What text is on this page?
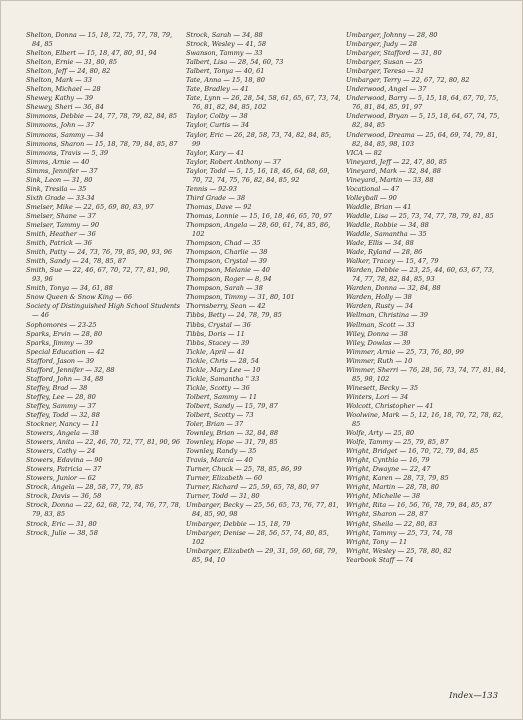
Shelton, Donna — 15, 18, 72, 75, 77, 78, 79, 84, 85
Shelton, Elbert — 15, 18, 47, 80, 91, 94
Shelton, Ernie — 31, 80, 85
Shelton, Jeff — 24, 80, 82
Shelton, Mark — 33
Shelton, Michael — 28
Shewey, Kathy — 39
Shewey, Sheri — 36, 84
Simmons, Debbie — 24, 77, 78, 79, 82, 84, 85
Simmons, John — 37
Simmons, Sammy — 34
Simmons, Sharon — 15, 18, 78, 79, 84, 85, 87
Simmons, Travis — 5, 39
Simms, Arnie — 40
Simms, Jennifer — 37
Sink, Leon — 31, 80
Sink, Tresila — 35
Sixth Grade — 33-34
Smelser, Mike — 22, 65, 69, 80, 83, 97
Smelser, Shane — 37
Smelser, Tammy — 90
Smith, Heather — 36
Smith, Patrick — 36
Smith, Patty — 24, 73, 76, 79, 85, 90, 93, 96
Smith, Sandy — 24, 78, 85, 87
Smith, Sue — 22, 46, 67, 70, 72, 77, 81, 90, 93, 96
Smith, Tonya — 34, 61, 88
Snow Queen & Snow King — 66
Society of Distinguished High School Students — 46
Sophomores — 23-25
Sparks, Ervin — 28, 80
Sparks, Jimmy — 39
Special Education — 42
Stafford, Jason — 39
Stafford, Jennifer — 32, 88
Stafford, John — 34, 88
Steffey, Brad — 38
Steffey, Lee — 28, 80
Steffey, Sammy — 37
Steffey, Todd — 32, 88
Stockner, Nancy — 11
Stowers, Angela — 38
Stowers, Anita — 22, 46, 70, 72, 77, 81, 90, 96
Stowers, Cathy — 24
Stowers, Edavina — 90
Stowers, Patricia — 37
Stowers, Junior — 62
Strock, Angela — 28, 58, 77, 79, 85
Strock, Davis — 36, 58
Strock, Donna — 22, 62, 68, 72, 74, 76, 77, 78, 79, 83, 85
Strock, Eric — 31, 80
Strock, Julie — 38, 58
Strock, Sarah — 34, 88
Strock, Wesley — 41, 58
Swanson, Tammy — 33
Talbert, Lisa — 28, 54, 60, 73
Talbert, Tonya — 40, 61
Tate, Anna — 15, 18, 80
Tate, Bradley — 41
Tate, Lynn — 26, 28, 54, 58, 61, 65, 67, 73, 74, 76, 81, 82, 84, 85, 102
Taylor, Colby — 38
Taylor, Curtis — 34
Taylor, Eric — 26, 28, 58, 73, 74, 82, 84, 85, 99
Taylor, Kary — 41
Taylor, Robert Anthony — 37
Taylor, Todd — 5, 15, 16, 18, 46, 64, 68, 69, 70, 72, 74, 75, 76, 82, 84, 85, 92
Tennis — 92-93
Third Grade — 38
Thomas, Dave — 92
Thomas, Lonnie — 15, 16, 18, 46, 65, 70, 97
Thompson, Angela — 28, 60, 61, 74, 85, 86, 102
Thompson, Chad — 35
Thompson, Charlie — 38
Thompson, Crystal — 39
Thompson, Melanie — 40
Thompson, Roger — 8, 94
Thompson, Sarah — 38
Thompson, Timmy — 31, 80, 101
Thornsberry, Sean — 42
Tibbs, Betty — 24, 78, 79, 85
Tibbs, Crystal — 36
Tibbs, Doris — 11
Tibbs, Stacey — 39
Tickle, April — 41
Tickle, Chris — 28, 54
Tickle, Mary Lee — 10
Tickle, Samantha '' 33
Tickle, Scotty — 36
Tolbert, Sammy — 11
Tolbert, Sandy — 15, 79, 87
Tolbert, Scotty — 73
Toler, Brian — 37
Townley, Brian — 32, 84, 88
Townley, Hope — 31, 79, 85
Townley, Randy — 35
Travis, Marcia — 40
Turner, Chuck — 25, 78, 85, 86, 99
Turner, Elizabeth — 60
Turner, Richard — 25, 59, 65, 78, 80, 97
Turner, Todd — 31, 80
Umbarger, Becky — 25, 56, 65, 73, 76, 77, 81, 84, 85, 90, 98
Umbarger, Debbie — 15, 18, 79
Umbarger, Denise — 28, 56, 57, 74, 80, 85, 102
Umbarger, Elizabeth — 29, 31, 59, 60, 68, 79, 85, 94, 10
Umbarger, Johnny — 28, 80
Umbarger, Judy — 28
Umbarger, Stafford — 31, 80
Umbarger, Susan — 25
Umbarger, Teresa — 31
Umbarger, Terry — 22, 67, 72, 80, 82
Underwood, Angel — 37
Underwood, Barry — 5, 15, 18, 64, 67, 70, 75, 76, 81, 84, 85, 91, 97
Underwood, Bryan — 5, 15, 18, 64, 67, 74, 75, 82, 84, 85
Underwood, Dreama — 25, 64, 69, 74, 79, 81, 82, 84, 85, 98, 103
VICA — 82
Vineyard, Jeff — 22, 47, 80, 85
Vineyard, Mark — 32, 84, 88
Vineyard, Martin — 33, 88
Vocational — 47
Volleyball — 90
Waddle, Brian — 41
Waddle, Lisa — 25, 73, 74, 77, 78, 79, 81, 85
Waddle, Robbie — 34, 88
Waddle, Samantha — 35
Wade, Ellis — 34, 88
Wade, Ryland — 28, 86
Walker, Tracey — 15, 47, 79
Warden, Debbie — 23, 25, 44, 60, 63, 67, 73, 74, 77, 78, 82, 84, 85, 93
Warden, Donna — 32, 84, 88
Warden, Holly — 38
Warden, Rusty — 34
Wellman, Christina — 39
Wellman, Scott — 33
Wiley, Donna — 38
Wiley, Dowlas — 39
Wimmer, Arnie — 25, 73, 76, 80, 99
Wimmer, Ruth — 10
Wimmer, Sherri — 76, 28, 56, 73, 74, 77, 81, 84, 85, 98, 102
Winesett, Becky — 35
Winters, Lori — 34
Wolcott, Christopher — 41
Woolwine, Mark — 5, 12, 16, 18, 70, 72, 78, 82, 85
Wolfe, Arty — 25, 80
Wolfe, Tammy — 25, 79, 85, 87
Wright, Bridget — 16, 70, 72, 79, 84, 85
Wright, Cynthia — 16, 79
Wright, Dwayne — 22, 47
Wright, Karen — 28, 73, 79, 85
Wright, Martin — 28, 78, 80
Wright, Michelle — 38
Wright, Rita — 16, 56, 76, 78, 79, 84, 85, 87
Wright, Sharon — 28, 87
Wright, Sheila — 22, 80, 83
Wright, Tammy — 25, 73, 74, 78
Wright, Tony — 11
Wright, Wesley — 25, 78, 80, 82
Yearbook Staff — 74
Index—133
